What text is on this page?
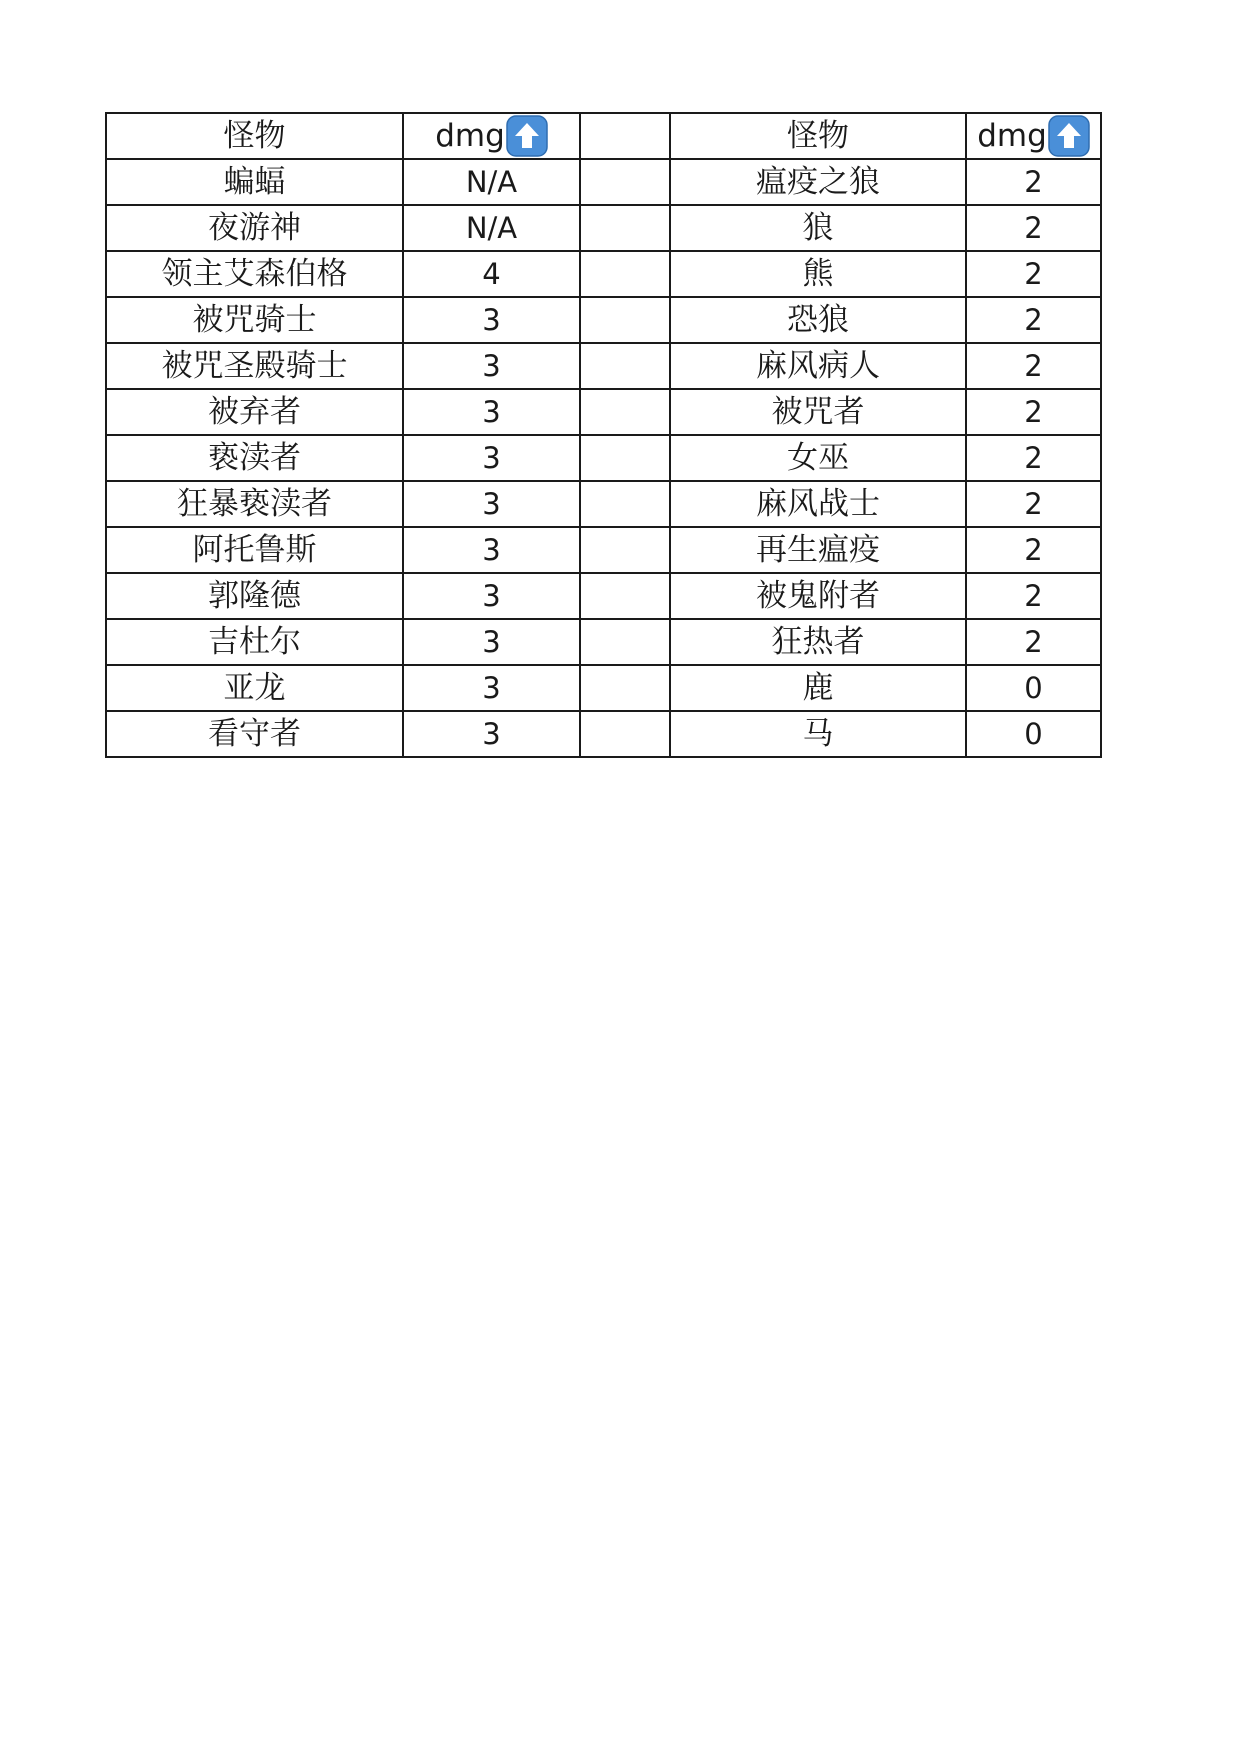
怪物	dmg		怪物	dmg

蝙蝠	N/A		瘟疫之狼	2
夜游神	N/A		狼	2
领主艾森伯格	4		熊	2
被咒骑士	3		恐狼	2
被咒圣殿骑士	3		麻风病人	2
被弃者	3		被咒者	2
亵渎者	3		女巫	2
狂暴亵渎者	3		麻风战士	2
阿托鲁斯	3		再生瘟疫	2
郭隆德	3		被鬼附者	2
吉杜尔	3		狂热者	2
亚龙	3		鹿	0
看守者	3		马	0
